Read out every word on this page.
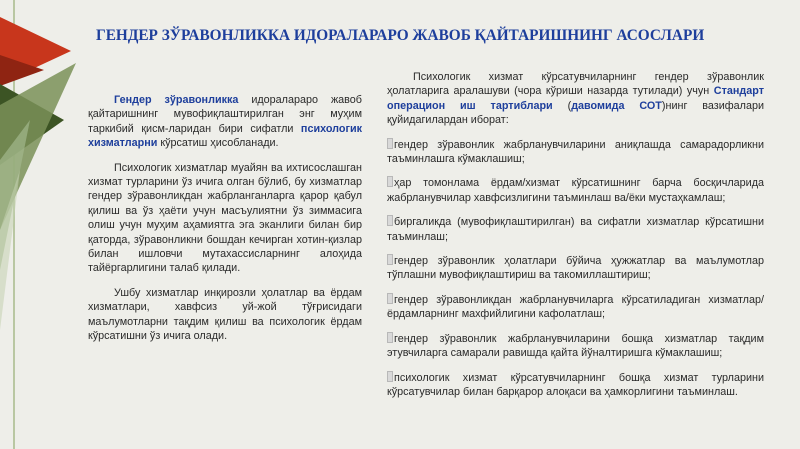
ГЕНДЕР ЗЎРАВОНЛИККА ИДОРАЛАРАРО ЖАВОБ ҚАЙТАРИШНИНГ АСОСЛАРИ

Гендер зўравонликка идоралараро жавоб қайтаришнинг мувофиқлаштирилган энг муҳим таркибий қисм-ларидан бири сифатли психологик хизматларни кўрсатиш ҳисобланади.

Психологик хизматлар муайян ва ихтисослашган хизмат турларини ўз ичига олган бўлиб, бу хизматлар гендер зўравонликдан жабрланганларга қарор қабул қилиш ва ўз ҳаёти учун масъулиятни ўз зиммасига олиш учун муҳим аҳамиятга эга эканлиги билан бир қаторда, зўравонликни бошдан кечирган хотин-қизлар билан ишловчи мутахассисларнинг алоҳида тайёргарлигини талаб қилади.

Ушбу хизматлар инқирозли ҳолатлар ва ёрдам хизматлари, хавфсиз уй-жой тўғрисидаги маълумотларни тақдим қилиш ва психологик ёрдам кўрсатишни ўз ичига олади.

Психологик хизмат кўрсатувчиларнинг гендер зўравонлик ҳолатларига аралашуви (чора кўриши назарда тутилади) учун Стандарт операцион иш тартиблари (давомида СОТ)нинг вазифалари қуйидагилардан иборат:

гендер зўравонлик жабрланувчиларини аниқлашда самарадорликни таъминлашга кўмаклашиш;

ҳар томонлама ёрдам/хизмат кўрсатишнинг барча босқичларида жабрланувчилар хавфсизлигини таъминлаш ва/ёки мустаҳкамлаш;

биргаликда (мувофиқлаштирилган) ва сифатли хизматлар кўрсатишни таъминлаш;

гендер зўравонлик ҳолатлари бўйича ҳужжатлар ва маълумотлар тўплашни мувофиқлаштириш ва такомиллаштириш;

гендер зўравонликдан жабрланувчиларга кўрсатиладиган хизматлар/ ёрдамларнинг махфийлигини кафолатлаш;

гендер зўравонлик жабрланувчиларини бошқа хизматлар тақдим этувчиларга самарали равишда қайта йўналтиришга кўмаклашиш;

психологик хизмат кўрсатувчиларнинг бошқа хизмат турларини кўрсатувчилар билан барқарор алоқаси ва ҳамкорлигини таъминлаш.
